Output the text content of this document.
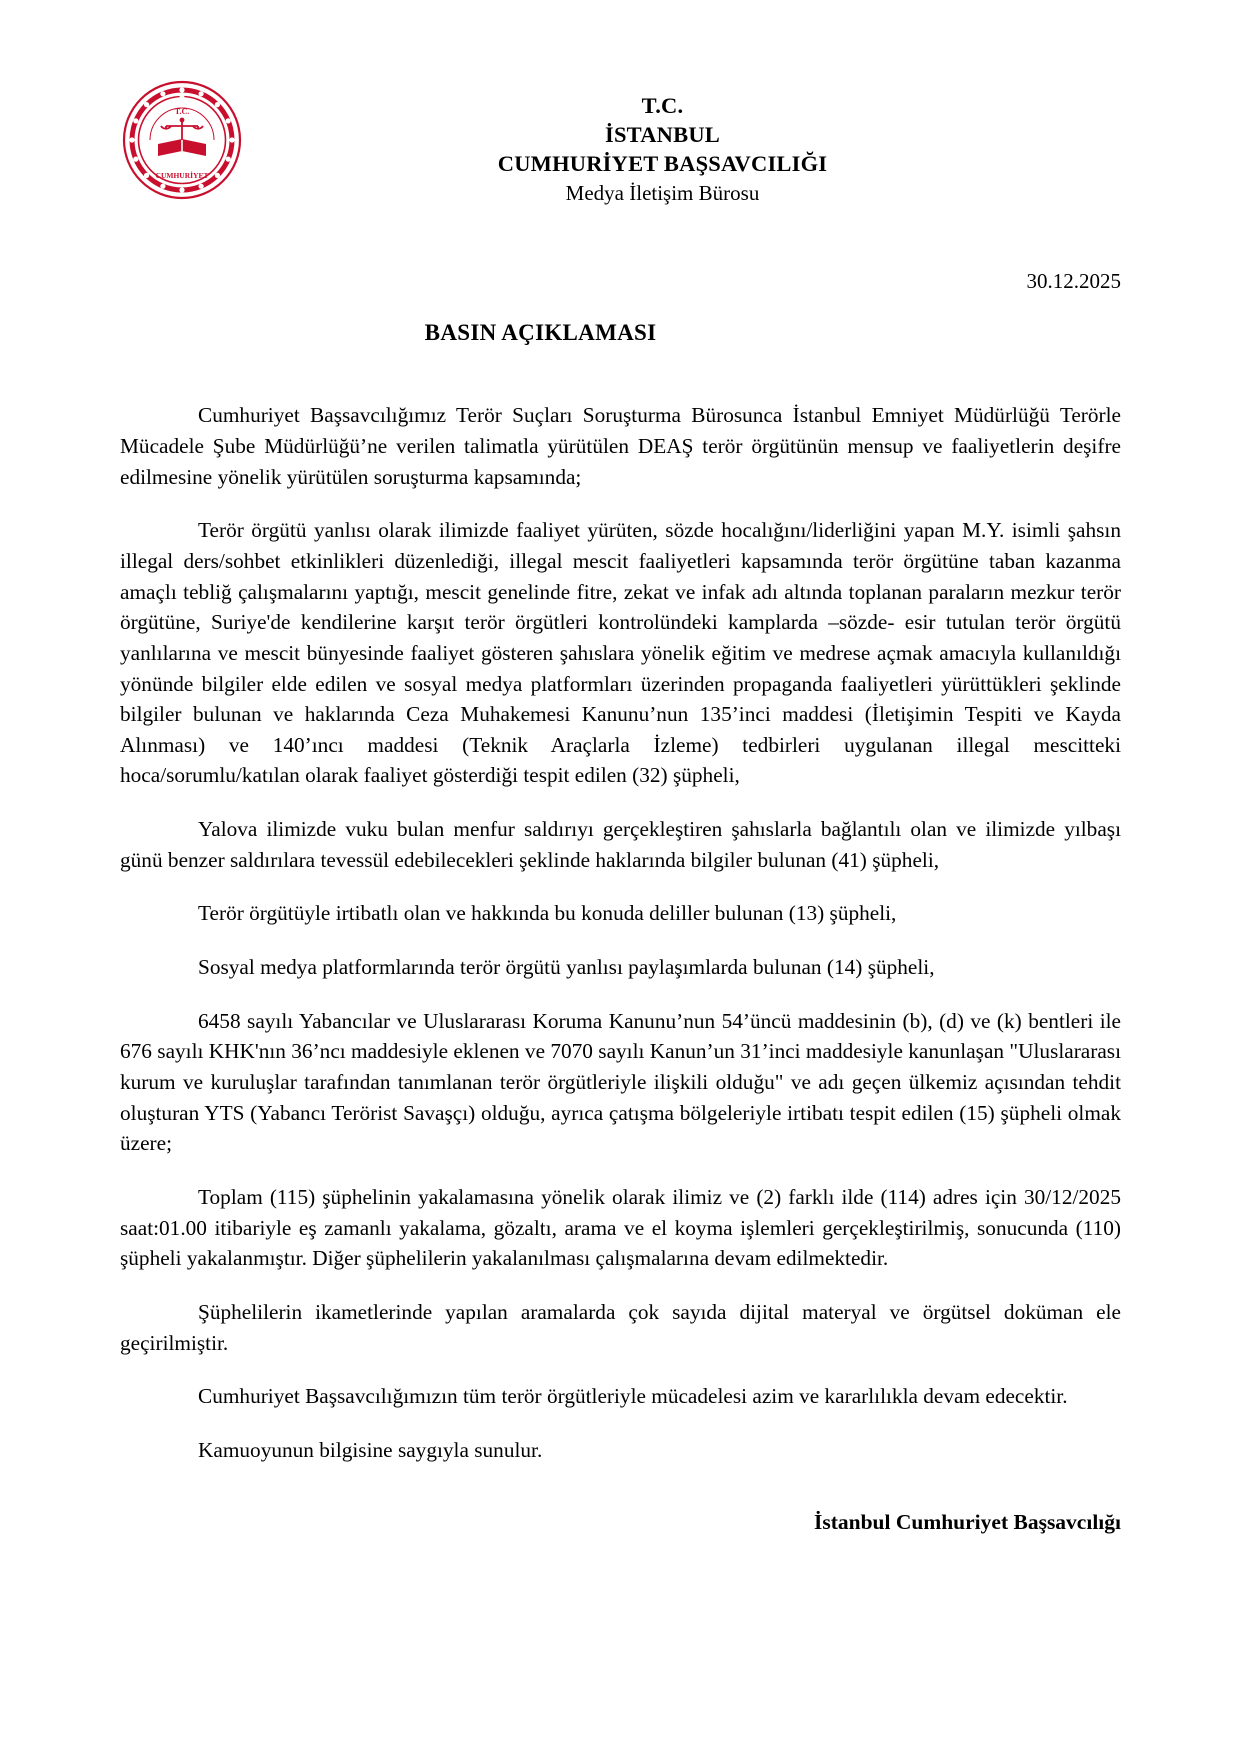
T.C.
CUMHURİYET
T.C.
İSTANBUL
CUMHURİYET BAŞSAVCILIĞI
Medya İletişim Bürosu
30.12.2025
BASIN AÇIKLAMASI

Cumhuriyet Başsavcılığımız Terör Suçları Soruşturma Bürosunca İstanbul Emniyet Müdürlüğü Terörle Mücadele Şube Müdürlüğü’ne verilen talimatla yürütülen DEAŞ terör örgütünün mensup ve faaliyetlerin deşifre edilmesine yönelik yürütülen soruşturma kapsamında;

Terör örgütü yanlısı olarak ilimizde faaliyet yürüten, sözde hocalığını/liderliğini yapan M.Y. isimli şahsın illegal ders/sohbet etkinlikleri düzenlediği, illegal mescit faaliyetleri kapsamında terör örgütüne taban kazanma amaçlı tebliğ çalışmalarını yaptığı, mescit genelinde fitre, zekat ve infak adı altında toplanan paraların mezkur terör örgütüne, Suriye'de kendilerine karşıt terör örgütleri kontrolündeki kamplarda –sözde- esir tutulan terör örgütü yanlılarına ve mescit bünyesinde faaliyet gösteren şahıslara yönelik eğitim ve medrese açmak amacıyla kullanıldığı yönünde bilgiler elde edilen ve sosyal medya platformları üzerinden propaganda faaliyetleri yürüttükleri şeklinde bilgiler bulunan ve haklarında Ceza Muhakemesi Kanunu’nun 135’inci maddesi (İletişimin Tespiti ve Kayda Alınması) ve 140’ıncı maddesi (Teknik Araçlarla İzleme) tedbirleri uygulanan illegal mescitteki hoca/sorumlu/katılan olarak faaliyet gösterdiği tespit edilen (32) şüpheli,

Yalova ilimizde vuku bulan menfur saldırıyı gerçekleştiren şahıslarla bağlantılı olan ve ilimizde yılbaşı günü benzer saldırılara tevessül edebilecekleri şeklinde haklarında bilgiler bulunan (41) şüpheli,

Terör örgütüyle irtibatlı olan ve hakkında bu konuda deliller bulunan (13) şüpheli,

Sosyal medya platformlarında terör örgütü yanlısı paylaşımlarda bulunan (14) şüpheli,

6458 sayılı Yabancılar ve Uluslararası Koruma Kanunu’nun 54’üncü maddesinin (b), (d) ve (k) bentleri ile 676 sayılı KHK'nın 36’ncı maddesiyle eklenen ve 7070 sayılı Kanun’un 31’inci maddesiyle kanunlaşan "Uluslararası kurum ve kuruluşlar tarafından tanımlanan terör örgütleriyle ilişkili olduğu" ve adı geçen ülkemiz açısından tehdit oluşturan YTS (Yabancı Terörist Savaşçı) olduğu, ayrıca çatışma bölgeleriyle irtibatı tespit edilen (15) şüpheli olmak üzere;

Toplam (115) şüphelinin yakalamasına yönelik olarak ilimiz ve (2) farklı ilde (114) adres için 30/12/2025 saat:01.00 itibariyle eş zamanlı yakalama, gözaltı, arama ve el koyma işlemleri gerçekleştirilmiş, sonucunda (110) şüpheli yakalanmıştır. Diğer şüphelilerin yakalanılması çalışmalarına devam edilmektedir.

Şüphelilerin ikametlerinde yapılan aramalarda çok sayıda dijital materyal ve örgütsel doküman ele geçirilmiştir.

Cumhuriyet Başsavcılığımızın tüm terör örgütleriyle mücadelesi azim ve kararlılıkla devam edecektir.

Kamuoyunun bilgisine saygıyla sunulur.

İstanbul Cumhuriyet Başsavcılığı
